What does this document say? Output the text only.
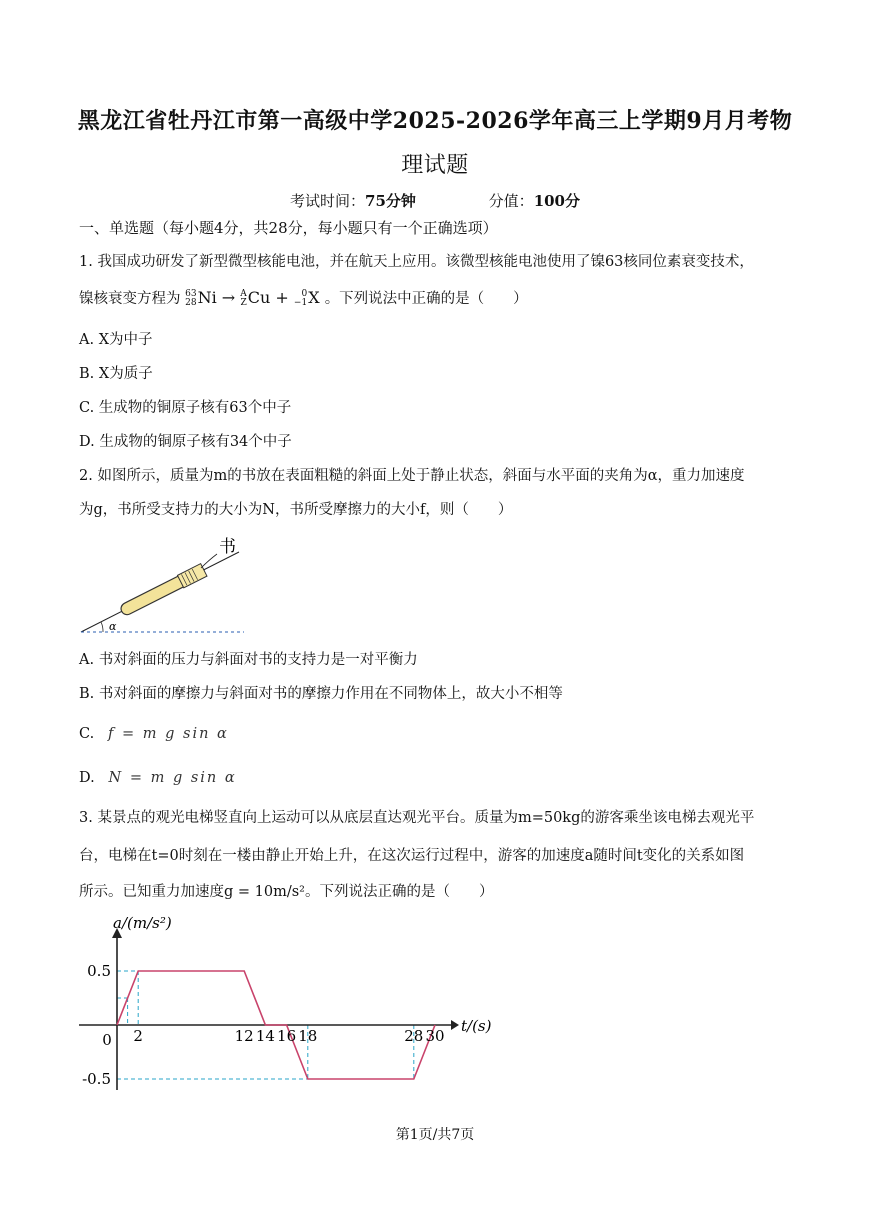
黑龙江省牡丹江市第一高级中学2025-2026学年高三上学期9月月考物
理试题
考试时间：75分钟	分值：100分
一、单选题（每小题4分，共28分，每小题只有一个正确选项）
1. 我国成功研发了新型微型核能电池，并在航天上应用。该微型核能电池使用了镍63核同位素衰变技术，
镍核衰变方程为 63
28 Ni → A
Z Cu +	0
−1 X 。下列说法中正确的是（　　）
A. X为中子
B. X为质子
C. 生成物的铜原子核有63个中子
D. 生成物的铜原子核有34个中子
2. 如图所示，质量为m的书放在表面粗糙的斜面上处于静止状态，斜面与水平面的夹角为α，重力加速度
为g，书所受支持力的大小为N，书所受摩擦力的大小f，则（　　）
α
书
A. 书对斜面的压力与斜面对书的支持力是一对平衡力
B. 书对斜面的摩擦力与斜面对书的摩擦力作用在不同物体上，故大小不相等
C. f = m g sin α
D. N = m g sin α
3. 某景点的观光电梯竖直向上运动可以从底层直达观光平台。质量为m=50kg的游客乘坐该电梯去观光平
台，电梯在t=0时刻在一楼由静止开始上升，在这次运行过程中，游客的加速度a随时间t变化的关系如图
所示。已知重力加速度g = 10m/s²。下列说法正确的是（　　）
0 2	12 14 16 18	28 30
0.5
-0.5
a/(m/s²)
t/(s)
第1页/共7页
